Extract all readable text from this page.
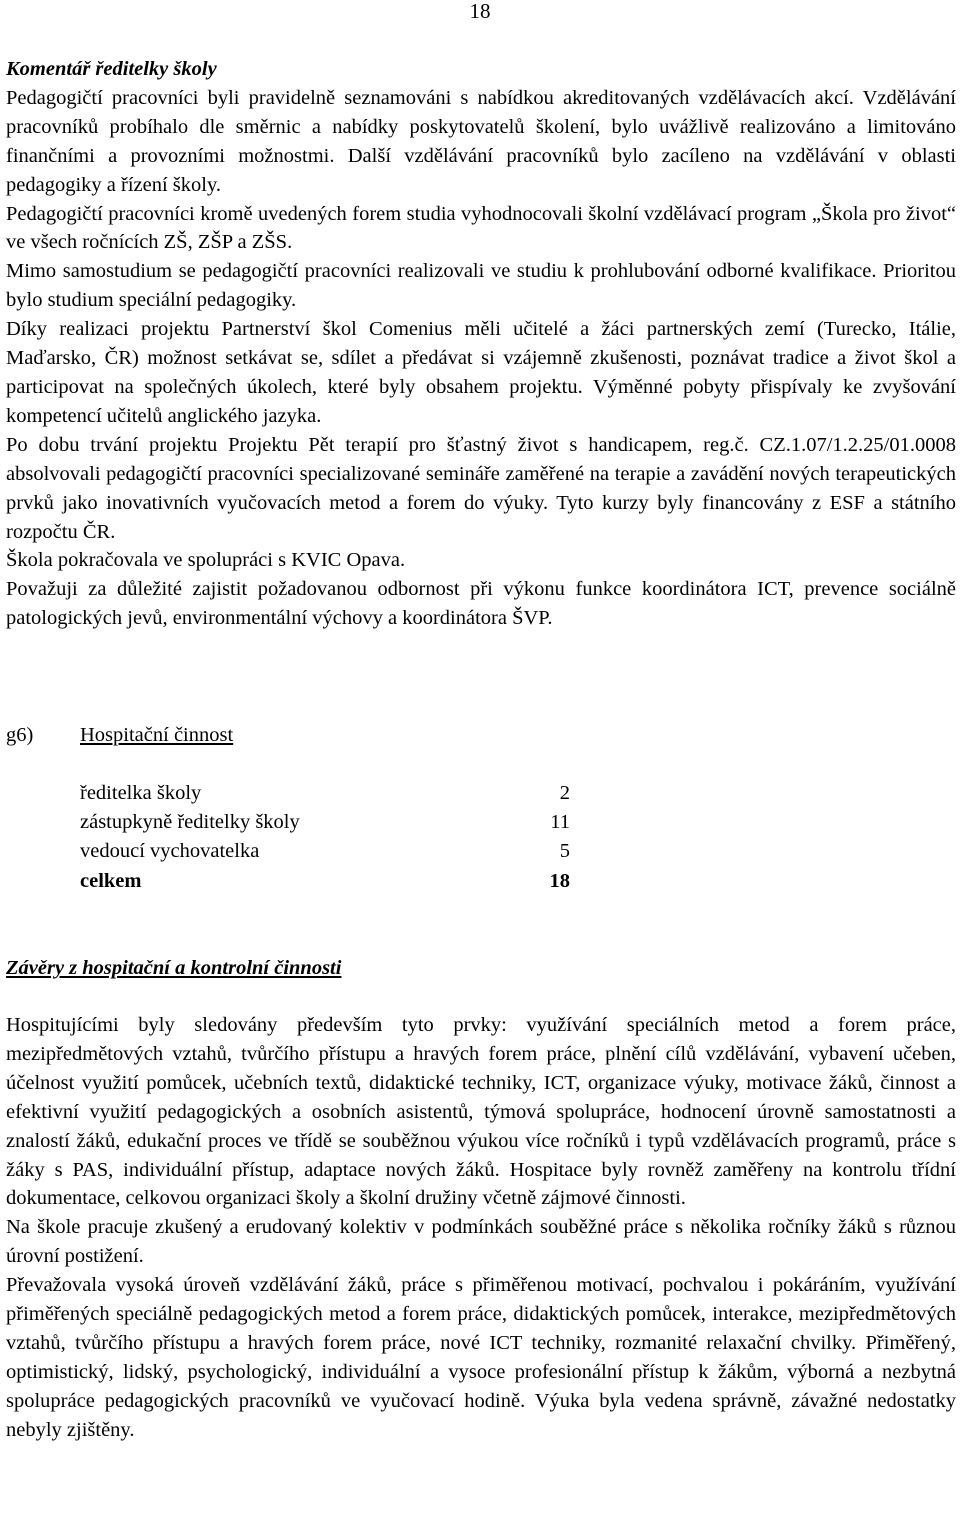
18

Komentář ředitelky školy

Pedagogičtí pracovníci byli pravidelně seznamováni s nabídkou akreditovaných vzdělávacích akcí. Vzdělávání pracovníků probíhalo dle směrnic a nabídky poskytovatelů školení, bylo uvážlivě realizováno a limitováno finančními a provozními možnostmi. Další vzdělávání pracovníků bylo zacíleno na vzdělávání v oblasti pedagogiky a řízení školy.

Pedagogičtí pracovníci kromě uvedených forem studia vyhodnocovali školní vzdělávací program „Škola pro život“ ve všech ročnících ZŠ, ZŠP a ZŠS.

Mimo samostudium se pedagogičtí pracovníci realizovali ve studiu k prohlubování odborné kvalifikace. Prioritou bylo studium speciální pedagogiky.

Díky realizaci projektu Partnerství škol Comenius měli učitelé a žáci partnerských zemí (Turecko, Itálie, Maďarsko, ČR) možnost setkávat se, sdílet a předávat si vzájemně zkušenosti, poznávat tradice a život škol a participovat na společných úkolech, které byly obsahem projektu. Výměnné pobyty přispívaly ke zvyšování kompetencí učitelů anglického jazyka.

Po dobu trvání projektu Projektu Pět terapií pro šťastný život s handicapem, reg.č. CZ.1.07/1.2.25/01.0008 absolvovali pedagogičtí pracovníci specializované semináře zaměřené na terapie a zavádění nových terapeutických prvků jako inovativních vyučovacích metod a forem do výuky. Tyto kurzy byly financovány z ESF a státního rozpočtu ČR.

Škola pokračovala ve spolupráci s KVIC Opava.

Považuji za důležité zajistit požadovanou odbornost při výkonu funkce koordinátora ICT, prevence sociálně patologických jevů, environmentální výchovy a koordinátora ŠVP.

g6) Hospitační činnost
ředitelka školy	2
zástupkyně ředitelky školy	11
vedoucí vychovatelka	5
celkem	18
Závěry z hospitační a kontrolní činnosti

Hospitujícími byly sledovány především tyto prvky: využívání speciálních metod a forem práce, mezipředmětových vztahů, tvůrčího přístupu a hravých forem práce, plnění cílů vzdělávání, vybavení učeben, účelnost využití pomůcek, učebních textů, didaktické techniky, ICT, organizace výuky, motivace žáků, činnost a efektivní využití pedagogických a osobních asistentů, týmová spolupráce, hodnocení úrovně samostatnosti a znalostí žáků, edukační proces ve třídě se souběžnou výukou více ročníků i typů vzdělávacích programů, práce s žáky s PAS, individuální přístup, adaptace nových žáků. Hospitace byly rovněž zaměřeny na kontrolu třídní dokumentace, celkovou organizaci školy a školní družiny včetně zájmové činnosti.

Na škole pracuje zkušený a erudovaný kolektiv v podmínkách souběžné práce s několika ročníky žáků s různou úrovní postižení.

Převažovala vysoká úroveň vzdělávání žáků, práce s přiměřenou motivací, pochvalou i pokáráním, využívání přiměřených speciálně pedagogických metod a forem práce, didaktických pomůcek, interakce, mezipředmětových vztahů, tvůrčího přístupu a hravých forem práce, nové ICT techniky, rozmanité relaxační chvilky. Přiměřený, optimistický, lidský, psychologický, individuální a vysoce profesionální přístup k žákům, výborná a nezbytná spolupráce pedagogických pracovníků ve vyučovací hodině. Výuka byla vedena správně, závažné nedostatky nebyly zjištěny.
